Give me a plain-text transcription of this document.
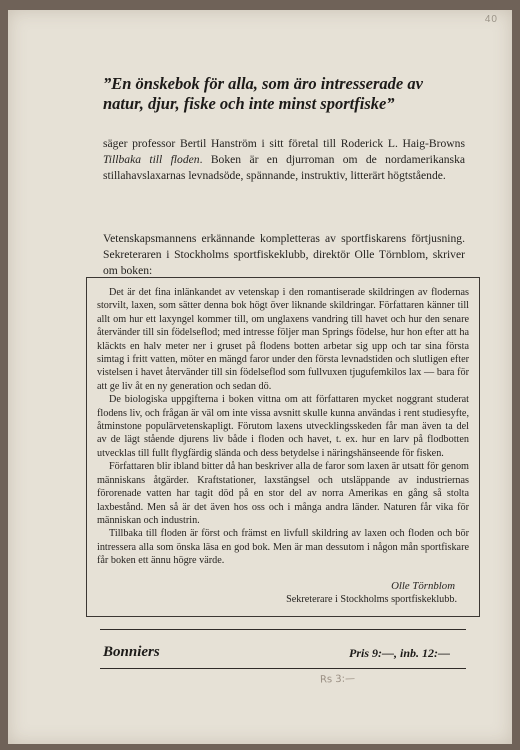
40
”En önskebok för alla, som äro intresserade av natur, djur, fiske och inte minst sportfiske”
säger professor Bertil Hanström i sitt företal till Roderick L. Haig-Browns Tillbaka till floden. Boken är en djurroman om de nordamerikanska stillahavslaxarnas levnadsöde, spännande, instruktiv, litterärt högtstående.
Vetenskapsmannens erkännande kompletteras av sportfiskarens förtjusning. Sekreteraren i Stockholms sportfiskeklubb, direktör Olle Törnblom, skriver om boken:

Det är det fina inlänkandet av vetenskap i den romantiserade skildringen av flodernas storvilt, laxen, som sätter denna bok högt över liknande skildringar. Författaren känner till allt om hur ett laxyngel kommer till, om unglaxens vandring till havet och hur den senare återvänder till sin födelseflod; med intresse följer man Springs födelse, hur hon efter att ha kläckts en halv meter ner i gruset på flodens botten arbetar sig upp och tar sina första simtag i fritt vatten, möter en mängd faror under den första levnadstiden och slutligen efter vistelsen i havet återvänder till sin födelseflod som fullvuxen tjugufemkilos lax — bara för att ge liv åt en ny generation och sedan dö.

De biologiska uppgifterna i boken vittna om att författaren mycket noggrant studerat flodens liv, och frågan är väl om inte vissa avsnitt skulle kunna användas i rent studiesyfte, åtminstone populärvetenskapligt. Förutom laxens utvecklingsskeden får man även ta del av de lägt stående djurens liv både i floden och havet, t. ex. hur en larv på flodbotten utvecklas till fullt flygfärdig slända och dess betydelse i näringshänseende för fisken.

Författaren blir ibland bitter då han beskriver alla de faror som laxen är utsatt för genom människans åtgärder. Kraftstationer, laxstängsel och utsläppande av industriernas förorenade vatten har tagit död på en stor del av norra Amerikas en gång så stolta laxbestånd. Men så är det även hos oss och i många andra länder. Naturen får vika för människan och industrin.

Tillbaka till floden är först och främst en livfull skildring av laxen och floden och bör intressera alla som önska läsa en god bok. Men är man dessutom i någon mån sportfiskare får boken ett ännu högre värde.

Olle Törnblom
Sekreterare i Stockholms sportfiskeklubb.
Bonniers	Pris 9:—, inb. 12:—
Rs 3:—
